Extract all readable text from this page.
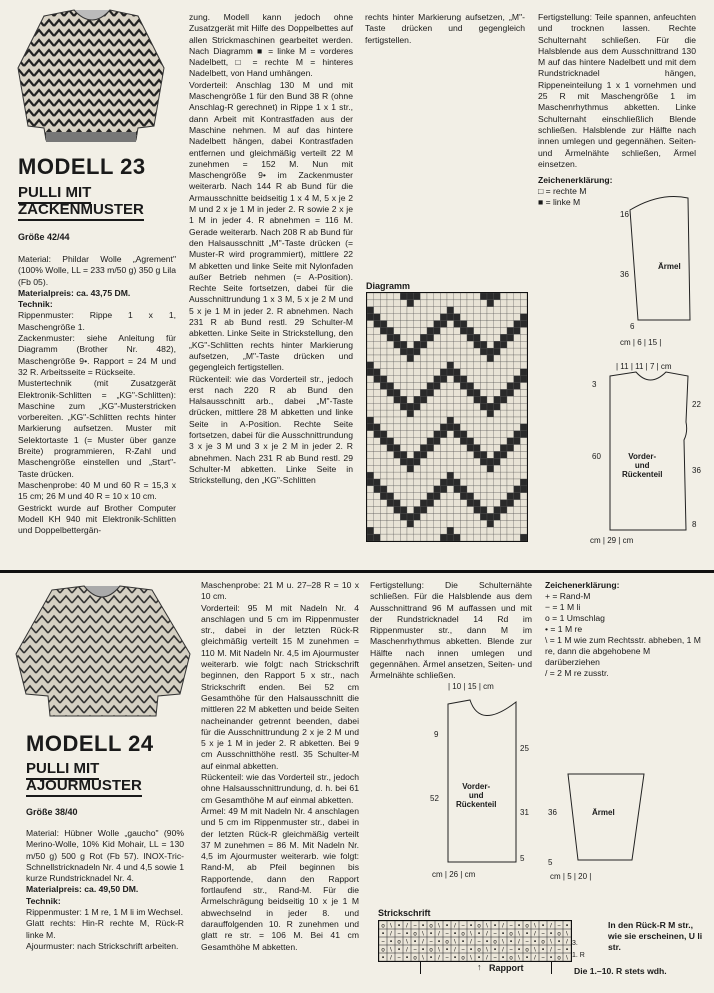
MODELL 23
PULLI MIT
ZACKENMUSTER
Größe 42/44

Material: Phildar Wolle „Agrement" (100% Wolle, LL = 233 m/50 g) 350 g Lila (Fb 05).

Materialpreis: ca. 43,75 DM.

Technik:

Rippenmuster: Rippe 1 x 1, Maschengröße 1.

Zackenmuster: siehe Anleitung für Diagramm (Brother Nr. 482), Maschengröße 9•. Rapport = 24 M und 32 R. Arbeitsseite = Rückseite.

Mustertechnik (mit Zusatzgerät Elektronik-Schlitten = „KG"-Schlitten): Maschine zum „KG"-Musterstricken vorbereiten. „KG"-Schlitten rechts hinter Markierung aufsetzen. Muster mit Selektortaste 1 (= Muster über ganze Breite) programmieren, R-Zahl und Maschengröße einstellen und „Start"-Taste drücken.

Maschenprobe: 40 M und 60 R = 15,3 x 15 cm; 26 M und 40 R = 10 x 10 cm.

Gestrickt wurde auf Brother Computer Modell KH 940 mit Elektronik-Schlitten und Doppelbettergän-

zung. Modell kann jedoch ohne Zusatzgerät mit Hilfe des Doppelbettes auf allen Strickmaschinen gearbeitet werden. Nach Diagramm ■ = linke M = vorderes Nadelbett, □ = rechte M = hinteres Nadelbett, von Hand umhängen.

Vorderteil: Anschlag 130 M und mit Maschengröße 1 für den Bund 38 R (ohne Anschlag-R gerechnet) in Rippe 1 x 1 str., dann Arbeit mit Kontrastfaden aus der Maschine nehmen. M auf das hintere Nadelbett hängen, dabei Kontrastfaden entfernen und gleichmäßig verteilt 22 M zunehmen = 152 M. Nun mit Maschengröße 9• im Zackenmuster weiterarb. Nach 144 R ab Bund für die Armausschnitte beidseitig 1 x 4 M, 5 x je 2 M und 2 x je 1 M in jeder 2. R sowie 2 x je 1 M in jeder 4. R abnehmen = 116 M. Gerade weiterarb. Nach 208 R ab Bund für den Halsausschnitt „M"-Taste drücken (= Muster-R wird programmiert), mittlere 22 M abketten und linke Seite mit Nylonfaden außer Betrieb nehmen (= A-Position). Rechte Seite fortsetzen, dabei für die Ausschnittrundung 1 x 3 M, 5 x je 2 M und 5 x je 1 M in jeder 2. R abnehmen. Nach 231 R ab Bund restl. 29 Schulter-M abketten. Linke Seite in Strickstellung, den „KG"-Schlitten rechts hinter Markierung aufsetzen, „M"-Taste drücken und gegengleich fertigstellen.

Rückenteil: wie das Vorderteil str., jedoch erst nach 220 R ab Bund den Halsausschnitt arb., dabei „M"-Taste drücken, mittlere 28 M abketten und linke Seite in A-Position. Rechte Seite fortsetzen, dabei für die Ausschnittrundung 3 x je 3 M und 3 x je 2 M in jeder 2. R abnehmen. Nach 231 R ab Bund restl. 29 Schulter-M abketten. Linke Seite in Strickstellung, den „KG"-Schlitten

rechts hinter Markierung aufsetzen, „M"-Taste drücken und gegengleich fertigstellen.

Fertigstellung: Teile spannen, anfeuchten und trocknen lassen. Rechte Schulternaht schließen. Für die Halsblende aus dem Ausschnittrand 130 M auf das hintere Nadelbett und mit dem Rundstricknadel hängen, Rippeneinteilung 1 x 1 vornehmen und 25 R mit Maschengröße 1 im Maschenrhythmus abketten. Linke Schulternaht einschließlich Blende schließen. Halsblende zur Hälfte nach innen umlegen und gegennähen. Seiten- und Ärmelnähte schließen, Ärmel einsetzen.

Zeichenerklärung:
□ = rechte M
■ = linke M
Diagramm
Ärmel
16
36
6
cm | 6 | 15 |
| 11 | 11 | 7 | cm
3
22
60
36
8
Vorder-
und
Rückenteil
cm | 29 | cm
MODELL 24
PULLI MIT
AJOURMUSTER
Größe 38/40

Material: Hübner Wolle „gaucho" (90% Merino-Wolle, 10% Kid Mohair, LL = 130 m/50 g) 500 g Rot (Fb 57). INOX-Tric-Schnellstricknadeln Nr. 4 und 4,5 sowie 1 kurze Rundstricknadel Nr. 4.

Materialpreis: ca. 49,50 DM.

Technik:

Rippenmuster: 1 M re, 1 M li im Wechsel.

Glatt rechts: Hin-R rechte M, Rück-R linke M.

Ajourmuster: nach Strickschrift arbeiten.

Maschenprobe: 21 M u. 27–28 R = 10 x 10 cm.

Vorderteil: 95 M mit Nadeln Nr. 4 anschlagen und 5 cm im Rippenmuster str., dabei in der letzten Rück-R gleichmäßig verteilt 15 M zunehmen = 110 M. Mit Nadeln Nr. 4,5 im Ajourmuster weiterarb. wie folgt: nach Strickschrift beginnen, den Rapport 5 x str., nach Strickschrift enden. Bei 52 cm Gesamthöhe für den Halsausschnitt die mittleren 22 M abketten und beide Seiten nacheinander getrennt beenden, dabei für die Ausschnittrundung 2 x je 2 M und 5 x je 1 M in jeder 2. R abketten. Bei 9 cm Ausschnitthöhe restl. 35 Schulter-M auf einmal abketten.

Rückenteil: wie das Vorderteil str., jedoch ohne Halsausschnittrundung, d. h. bei 61 cm Gesamthöhe M auf einmal abketten.

Ärmel: 49 M mit Nadeln Nr. 4 anschlagen und 5 cm im Rippenmuster str., dabei in der letzten Rück-R gleichmäßig verteilt 37 M zunehmen = 86 M. Mit Nadeln Nr. 4,5 im Ajourmuster weiterarb. wie folgt: Rand-M, ab Pfeil beginnen bis Rapportende, dann den Rapport fortlaufend str., Rand-M. Für die Ärmelschrägung beidseitig 10 x je 1 M abwechselnd in jeder 8. und darauffolgenden 10. R zunehmen und glatt re str. = 106 M. Bei 41 cm Gesamthöhe M abketten.

Fertigstellung: Die Schulternähte schließen. Für die Halsblende aus dem Ausschnittrand 96 M auffassen und mit der Rundstricknadel 14 Rd im Rippenmuster str., dann M im Maschenrhythmus abketten. Blende zur Hälfte nach innen umlegen und gegennähen. Ärmel ansetzen, Seiten- und Ärmelnähte schließen.

Zeichenerklärung:
+ = Rand-M
− = 1 M li
o = 1 Umschlag
• = 1 M re
\ = 1 M wie zum Rechtsstr. abheben, 1 M re, dann die abgehobene M darüberziehen
/ = 2 M re zusstr.
| 10 | 15 | cm
9
25
52
31
5
Vorder-
und
Rückenteil
cm | 26 | cm
Ärmel
36
5
cm | 5 | 20 |
Strickschrift
o \ • / − • o \ • / − • o \ • / − • o \ • / − •
• / − • o \ • / − • o \ • / − • o \ • / − • o \
− • o \ • / − • o \ • / − • o \ • / − • o \ • /
o \ • / − • o \ • / − • o \ • / − • o \ • / − •
• / − • o \ • / − • o \ • / − • o \ • / − • o \
3.
1. R
↑ Rapport
In den Rück-R M str., wie sie erscheinen, U li str.
Die 1.–10. R stets wdh.
